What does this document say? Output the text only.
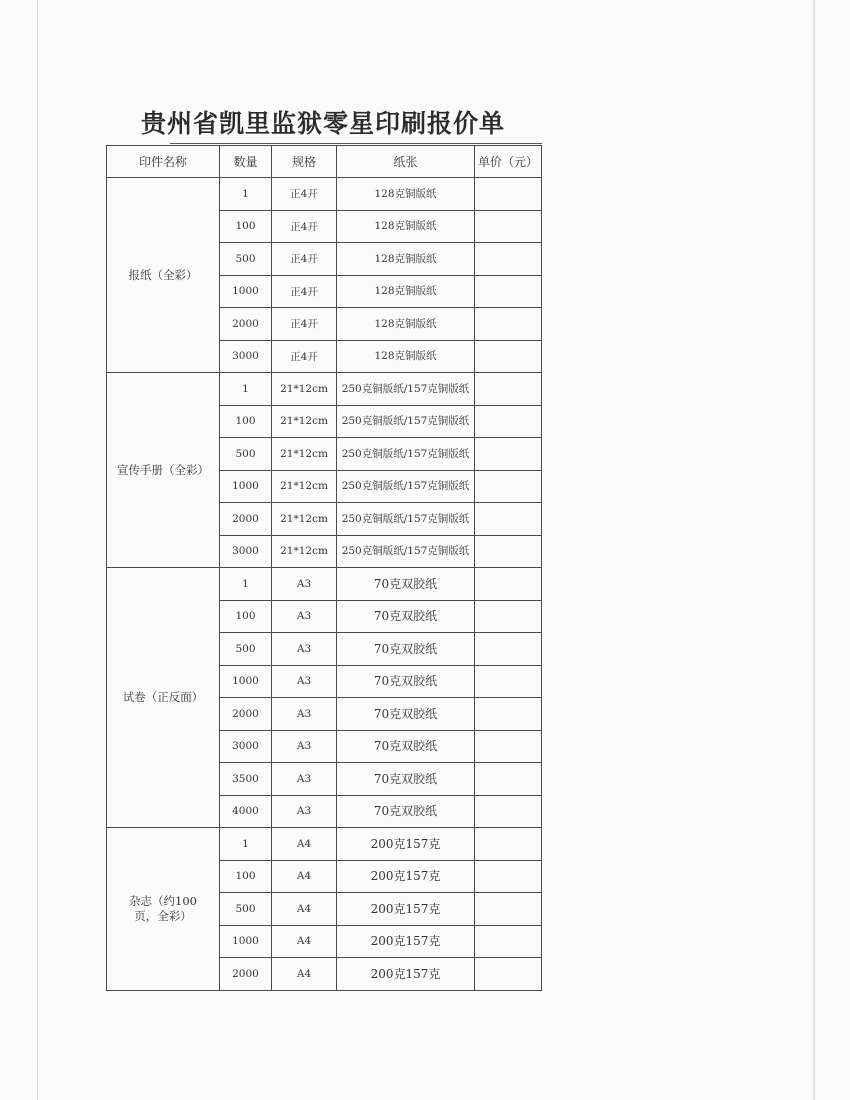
贵州省凯里监狱零星印刷报价单
印件名称	数量	规格	纸张	单价（元）
报纸（全彩）	1	正4开	128克铜版纸	
	100	正4开	128克铜版纸	
	500	正4开	128克铜版纸	
	1000	正4开	128克铜版纸	
	2000	正4开	128克铜版纸	
	3000	正4开	128克铜版纸	
宣传手册（全彩）	1	21*12cm	250克铜版纸/157克铜版纸	
	100	21*12cm	250克铜版纸/157克铜版纸	
	500	21*12cm	250克铜版纸/157克铜版纸	
	1000	21*12cm	250克铜版纸/157克铜版纸	
	2000	21*12cm	250克铜版纸/157克铜版纸	
	3000	21*12cm	250克铜版纸/157克铜版纸	
试卷（正反面）	1	A3	70克双胶纸	
	100	A3	70克双胶纸	
	500	A3	70克双胶纸	
	1000	A3	70克双胶纸	
	2000	A3	70克双胶纸	
	3000	A3	70克双胶纸	
	3500	A3	70克双胶纸	
	4000	A3	70克双胶纸	
杂志（约100页，全彩）	1	A4	200克157克	
	100	A4	200克157克	
	500	A4	200克157克	
	1000	A4	200克157克	
	2000	A4	200克157克	
